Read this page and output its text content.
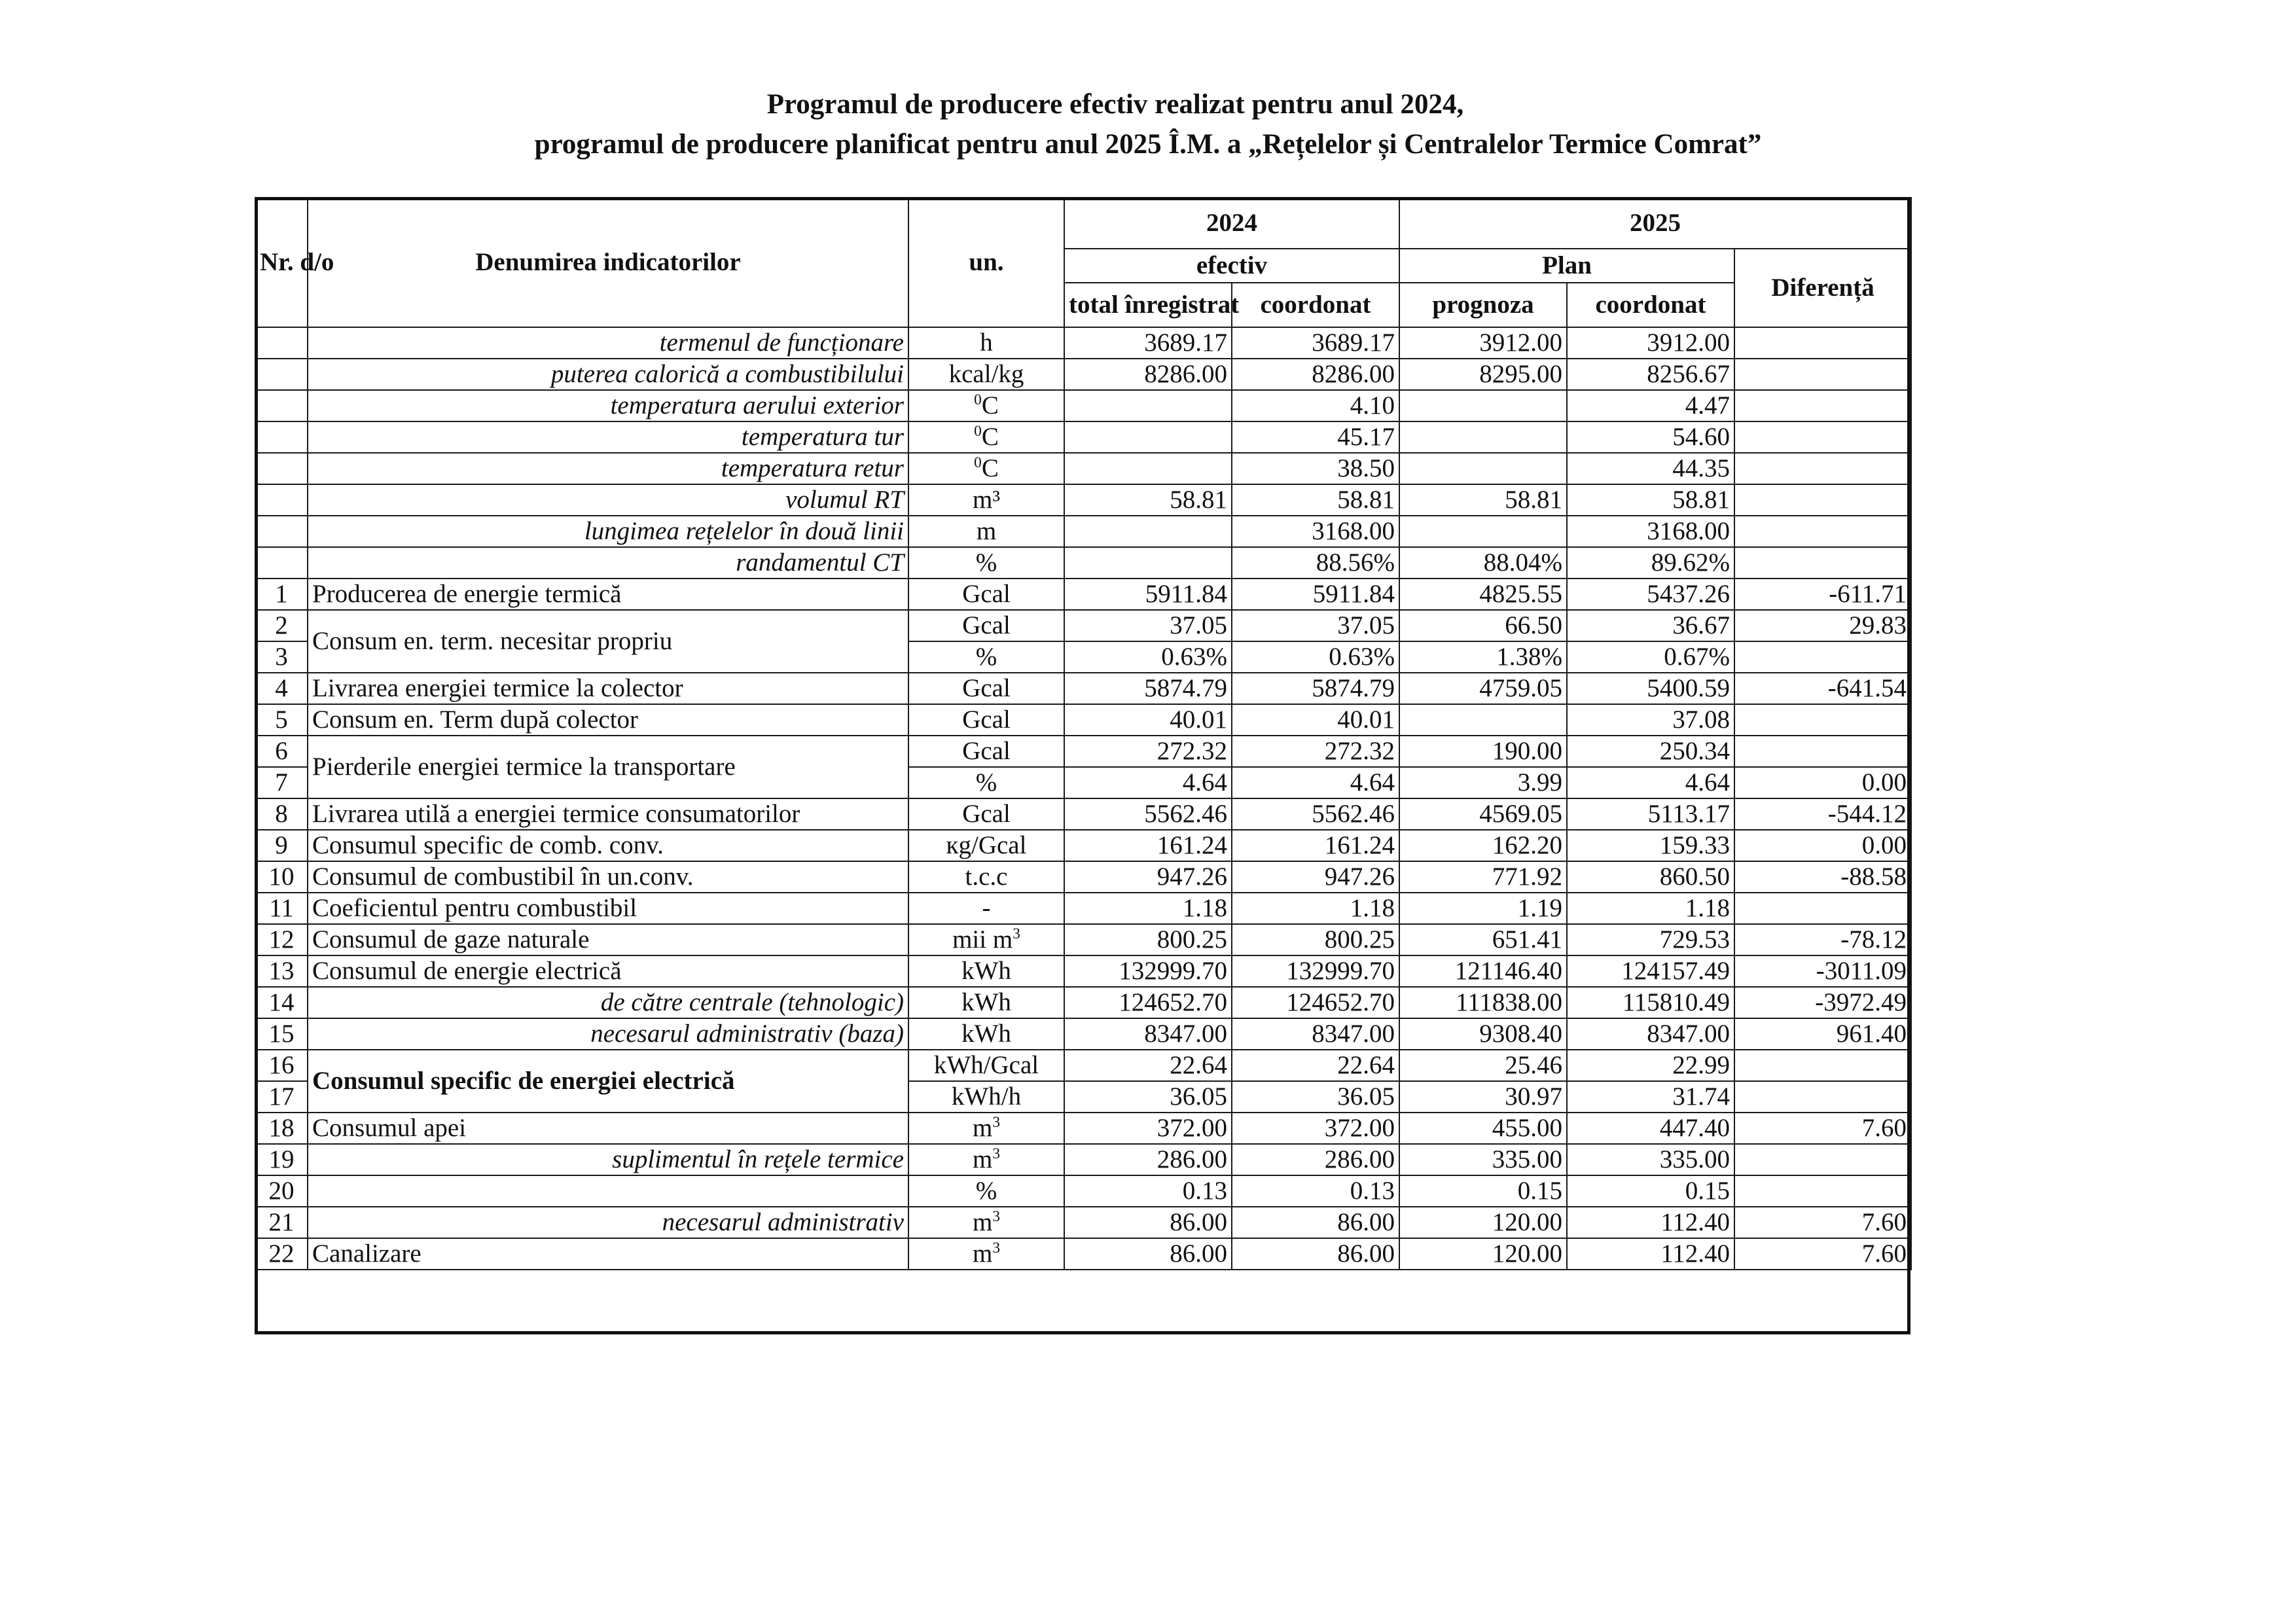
Programul de producere efectiv realizat pentru anul 2024,
programul de producere planificat pentru anul 2025 Î.M. a „Rețelelor și Centralelor Termice Comrat”
Nr. d/o	Denumirea indicatorilor	un.	2024		2025		
			efectiv		Plan		Diferență
			total înregistrat	coordonat	prognoza	coordonat	
	termenul de funcționare	h	3689.17	3689.17	3912.00	3912.00	
	puterea calorică a combustibilului	kcal/kg	8286.00	8286.00	8295.00	8256.67	
	temperatura aerului exterior	$^0$C		4.10		4.47	
	temperatura tur	$^0$C		45.17		54.60	
	temperatura retur	$^0$C		38.50		44.35	
	volumul RT	m³	58.81	58.81	58.81	58.81	
	lungimea rețelelor în două linii	m		3168.00		3168.00	
	randamentul CT	%		88.56%	88.04%	89.62%	
1	Producerea de energie termică	Gcal	5911.84	5911.84	4825.55	5437.26	-611.71
2	Consum en. term. necesitar propriu	Gcal	37.05	37.05	66.50	36.67	29.83
3		%	0.63%	0.63%	1.38%	0.67%	
4	Livrarea energiei termice la colector	Gcal	5874.79	5874.79	4759.05	5400.59	-641.54
5	Consum en. Term după colector	Gcal	40.01	40.01		37.08	
6	Pierderile energiei termice la transportare	Gcal	272.32	272.32	190.00	250.34	
7		%	4.64	4.64	3.99	4.64	0.00
8	Livrarea utilă a energiei termice consumatorilor	Gcal	5562.46	5562.46	4569.05	5113.17	-544.12
9	Consumul specific de comb. conv.	кg/Gcal	161.24	161.24	162.20	159.33	0.00
10	Consumul de combustibil în un.conv.	t.c.c	947.26	947.26	771.92	860.50	-88.58
11	Coeficientul pentru combustibil	-	1.18	1.18	1.19	1.18	
12	Consumul de gaze naturale	mii $m^3$	800.25	800.25	651.41	729.53	-78.12
13	Consumul de energie electrică	kWh	132999.70	132999.70	121146.40	124157.49	-3011.09
14	de către centrale (tehnologic)	kWh	124652.70	124652.70	111838.00	115810.49	-3972.49
15	necesarul administrativ (baza)	kWh	8347.00	8347.00	9308.40	8347.00	961.40
16	Consumul specific de energiei electrică	kWh/Gcal	22.64	22.64	25.46	22.99	
17		kWh/h	36.05	36.05	30.97	31.74	
18	Consumul apei	$m^3$	372.00	372.00	455.00	447.40	7.60
19	suplimentul în rețele termice	$m^3$	286.00	286.00	335.00	335.00	
20		%	0.13	0.13	0.15	0.15	
21	necesarul administrativ	$m^3$	86.00	86.00	120.00	112.40	7.60
22	Canalizare	$m^3$	86.00	86.00	120.00	112.40	7.60
